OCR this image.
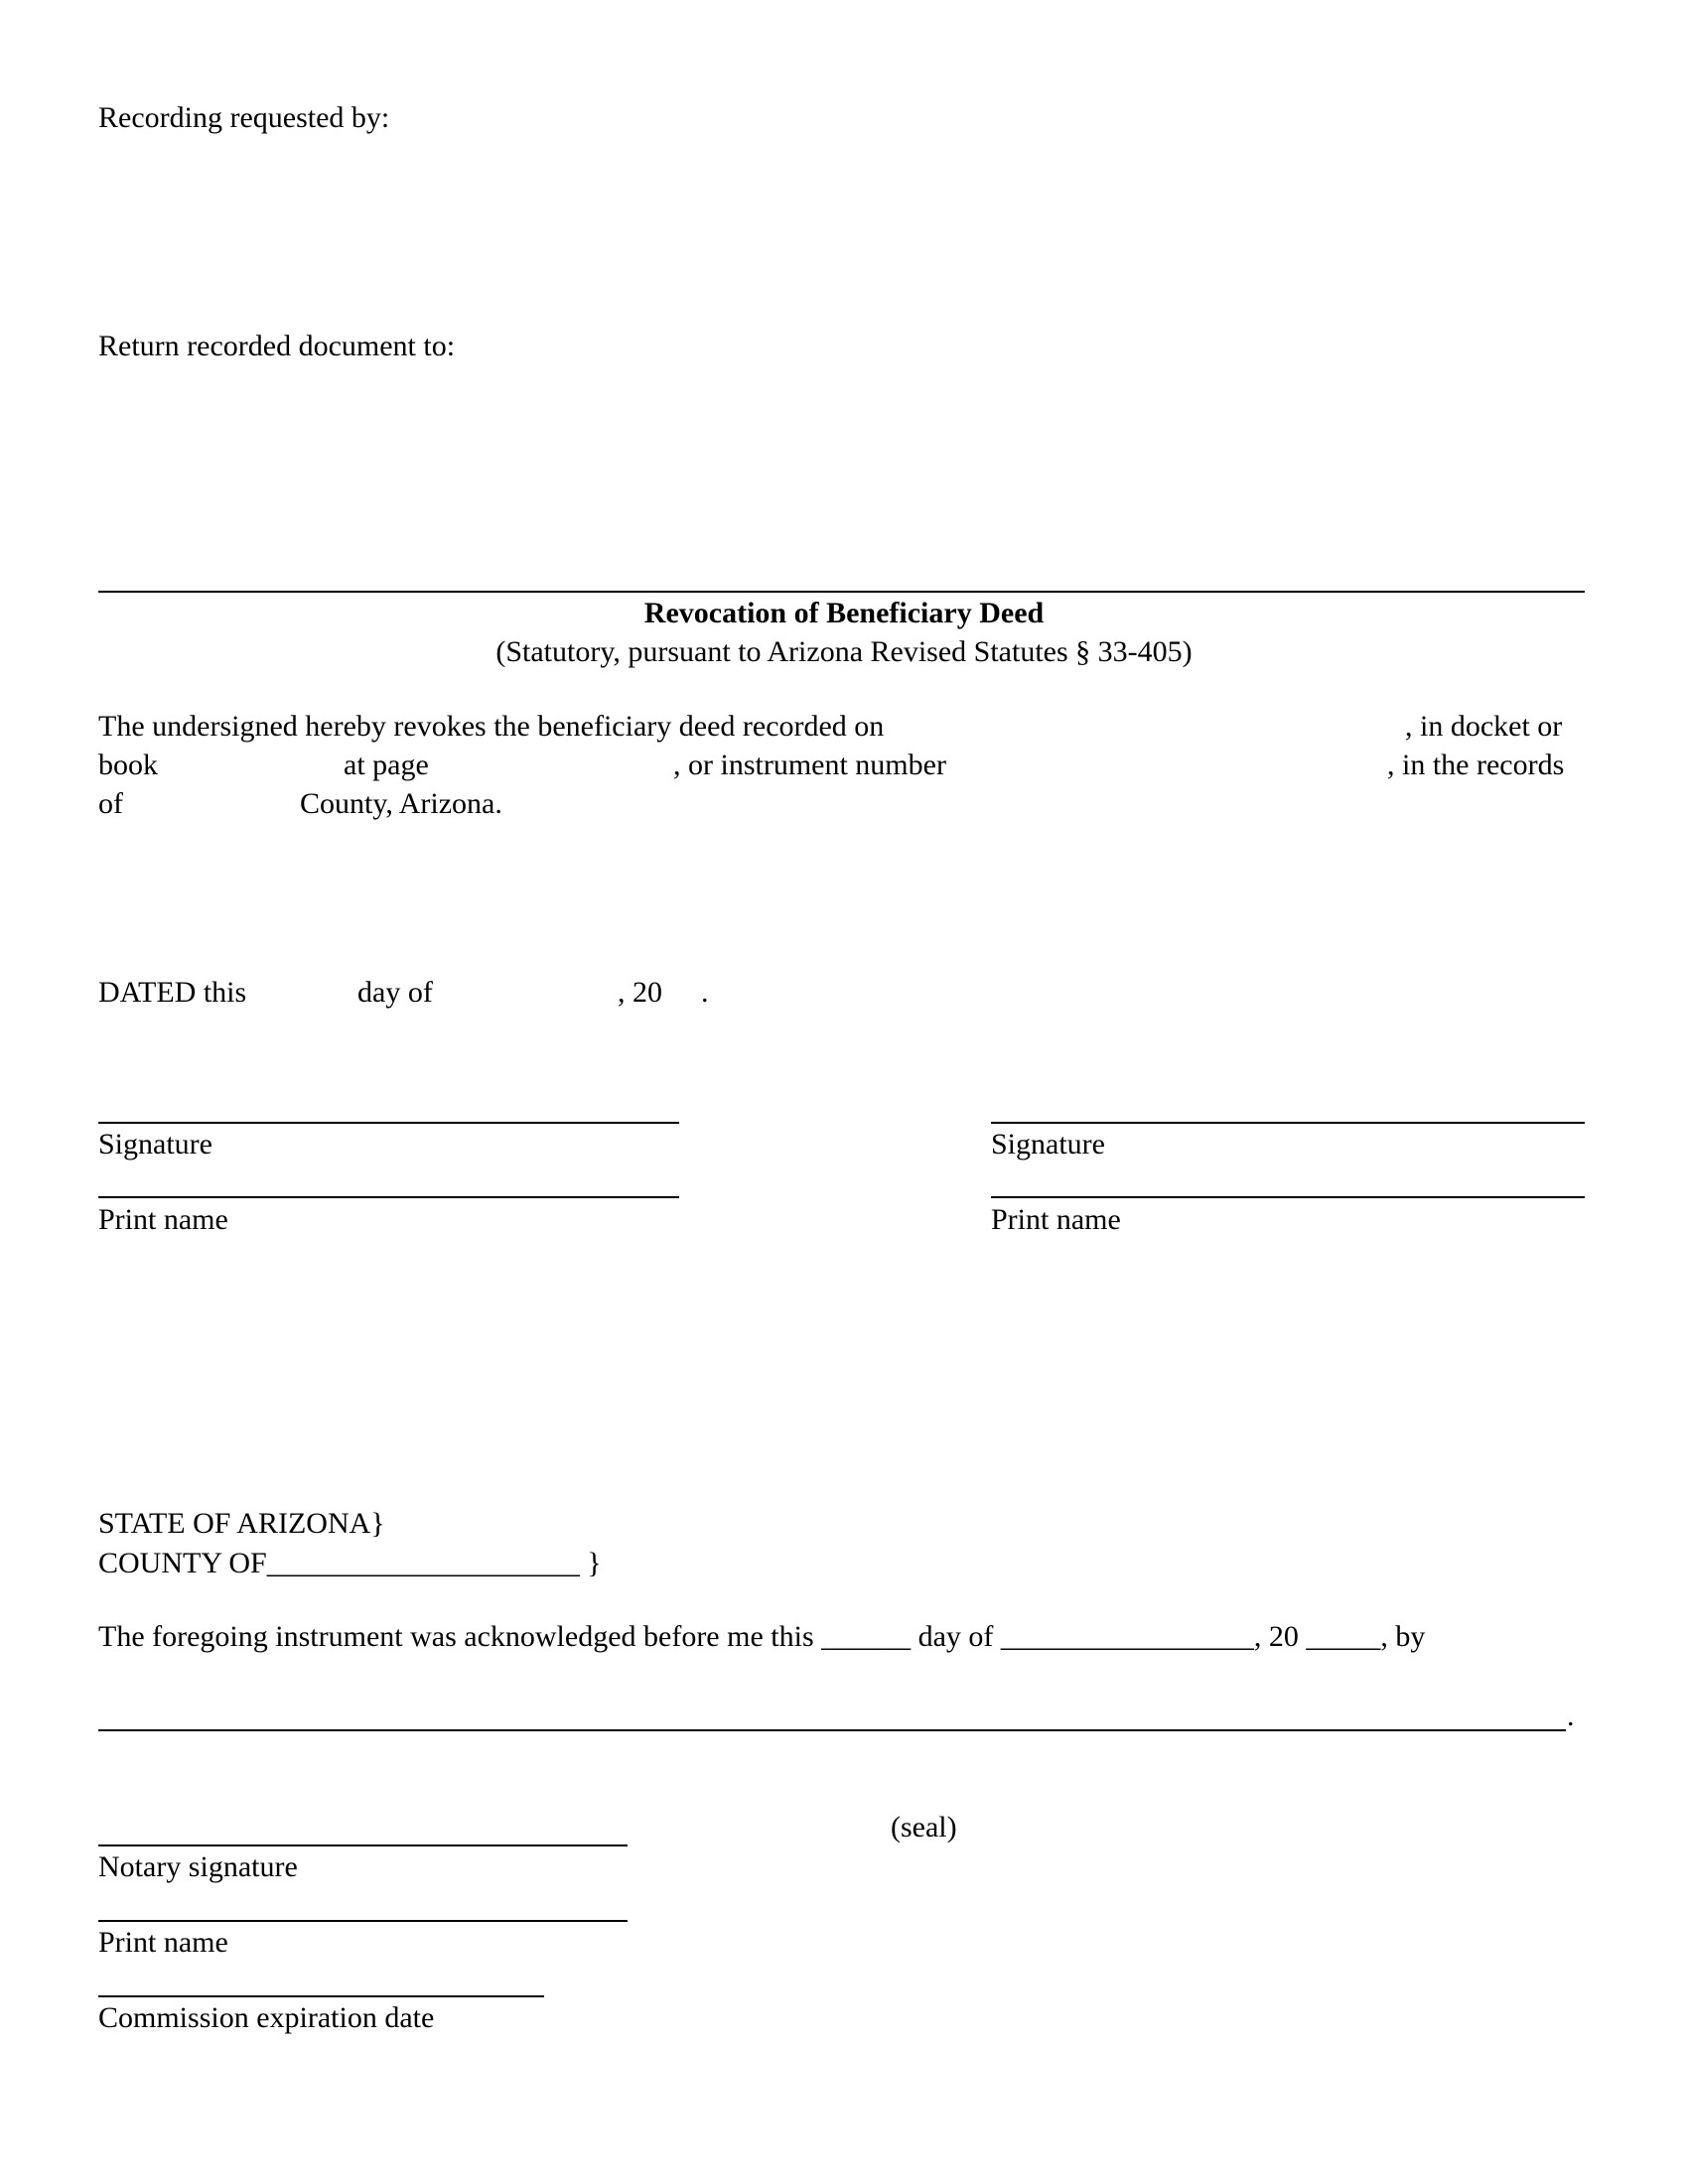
Recording requested by:
Return recorded document to:
Revocation of Beneficiary Deed
(Statutory, pursuant to Arizona Revised Statutes § 33-405)
The undersigned hereby revokes the beneficiary deed recorded on	, in docket or
book	at page	, or instrument number	, in the records
of	County, Arizona.
DATED this	day of	, 20 .
Signature
Print name
Signature
Print name
STATE OF ARIZONA}
COUNTY OF_____________________ }
The foregoing instrument was acknowledged before me this ______ day of _________________, 20 _____, by
.
(seal)
Notary signature
Print name
Commission expiration date
